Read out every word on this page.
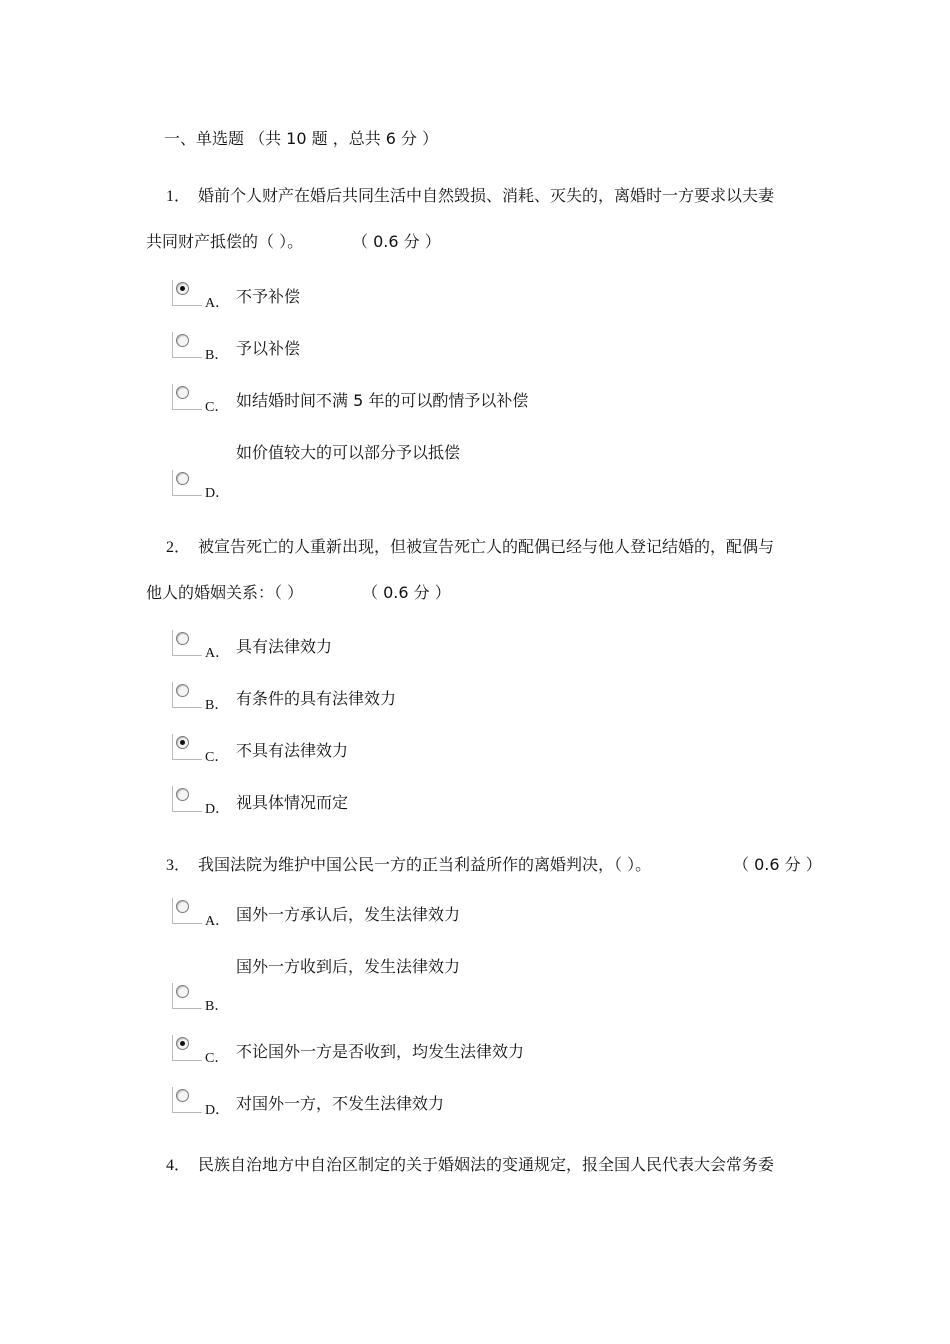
一、单选题 （共 10 题 ，总共 6 分 ）
1． 婚前个人财产在婚后共同生活中自然毁损、消耗、灭失的，离婚时一方要求以夫妻
共同财产抵偿的（ ）。	（ 0.6 分 ）
A． 不予补偿
B． 予以补偿
C． 如结婚时间不满 5 年的可以酌情予以补偿
如价值较大的可以部分予以抵偿
D．
2． 被宣告死亡的人重新出现，但被宣告死亡人的配偶已经与他人登记结婚的，配偶与
他人的婚姻关系：（ ）	（ 0.6 分 ）
A． 具有法律效力
B． 有条件的具有法律效力
C． 不具有法律效力
D． 视具体情况而定
3． 我国法院为维护中国公民一方的正当利益所作的离婚判决，（ ）。	（ 0.6 分 ）
A． 国外一方承认后，发生法律效力
国外一方收到后，发生法律效力
B．
C． 不论国外一方是否收到，均发生法律效力
D． 对国外一方，不发生法律效力
4． 民族自治地方中自治区制定的关于婚姻法的变通规定，报全国人民代表大会常务委
